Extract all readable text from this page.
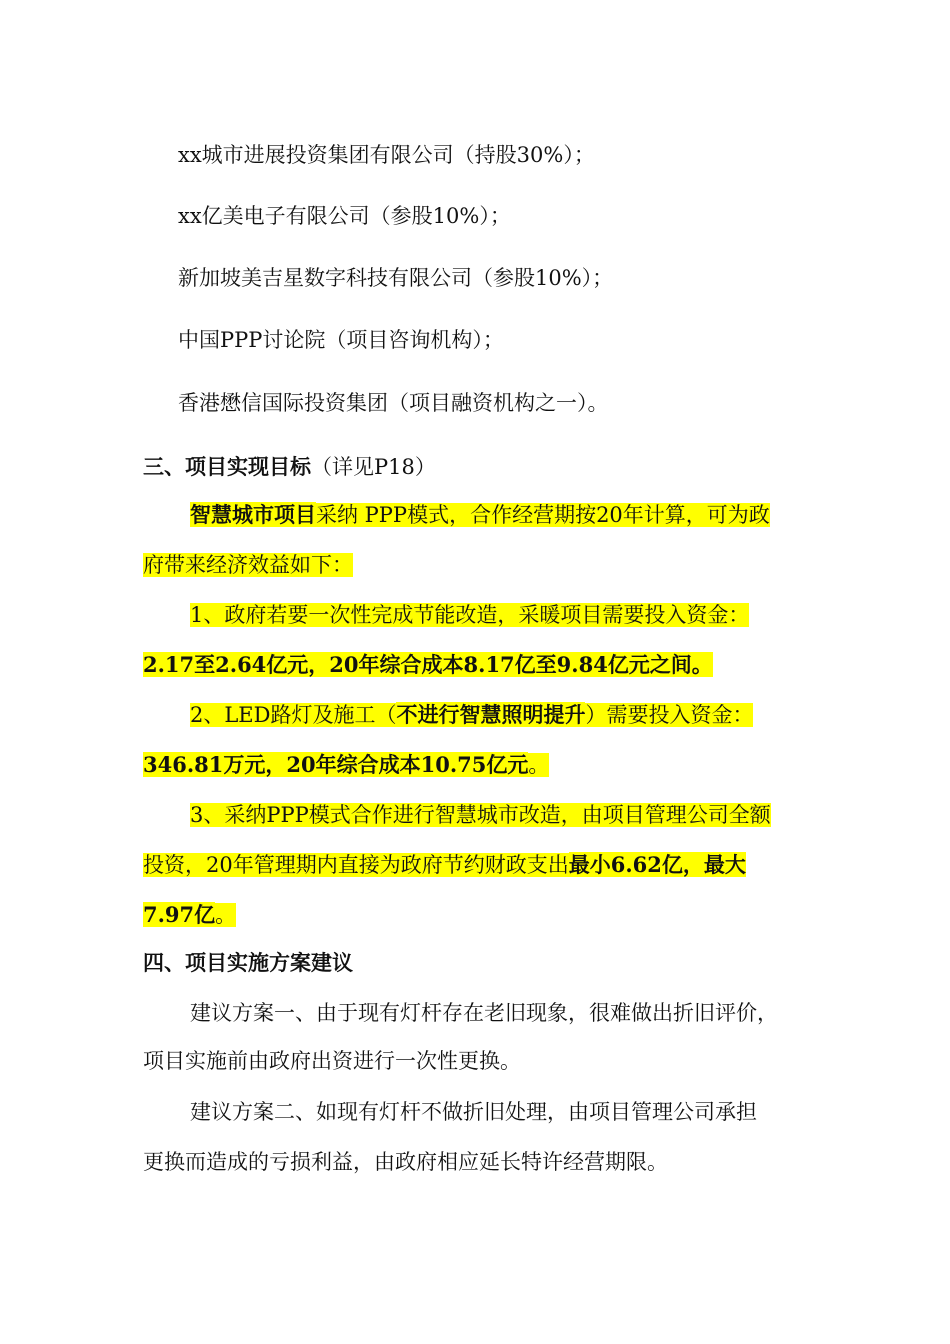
xx城市进展投资集团有限公司（持股30%）；
xx亿美电子有限公司（参股10%）；
新加坡美吉星数字科技有限公司（参股10%）；
中国PPP讨论院（项目咨询机构）；
香港懋信国际投资集团（项目融资机构之一）。
三、项目实现目标（详见P18）
智慧城市项目采纳 PPP模式，合作经营期按20年计算，可为政
府带来经济效益如下：
1、政府若要一次性完成节能改造，采暖项目需要投入资金：
2.17至2.64亿元，20年综合成本8.17亿至9.84亿元之间。
2、LED路灯及施工（不进行智慧照明提升）需要投入资金：
346.81万元，20年综合成本10.75亿元。
3、采纳PPP模式合作进行智慧城市改造，由项目管理公司全额
投资，20年管理期内直接为政府节约财政支出最小6.62亿，最大
7.97亿。
四、项目实施方案建议
建议方案一、由于现有灯杆存在老旧现象，很难做出折旧评价，
项目实施前由政府出资进行一次性更换。
建议方案二、如现有灯杆不做折旧处理，由项目管理公司承担
更换而造成的亏损利益，由政府相应延长特许经营期限。
